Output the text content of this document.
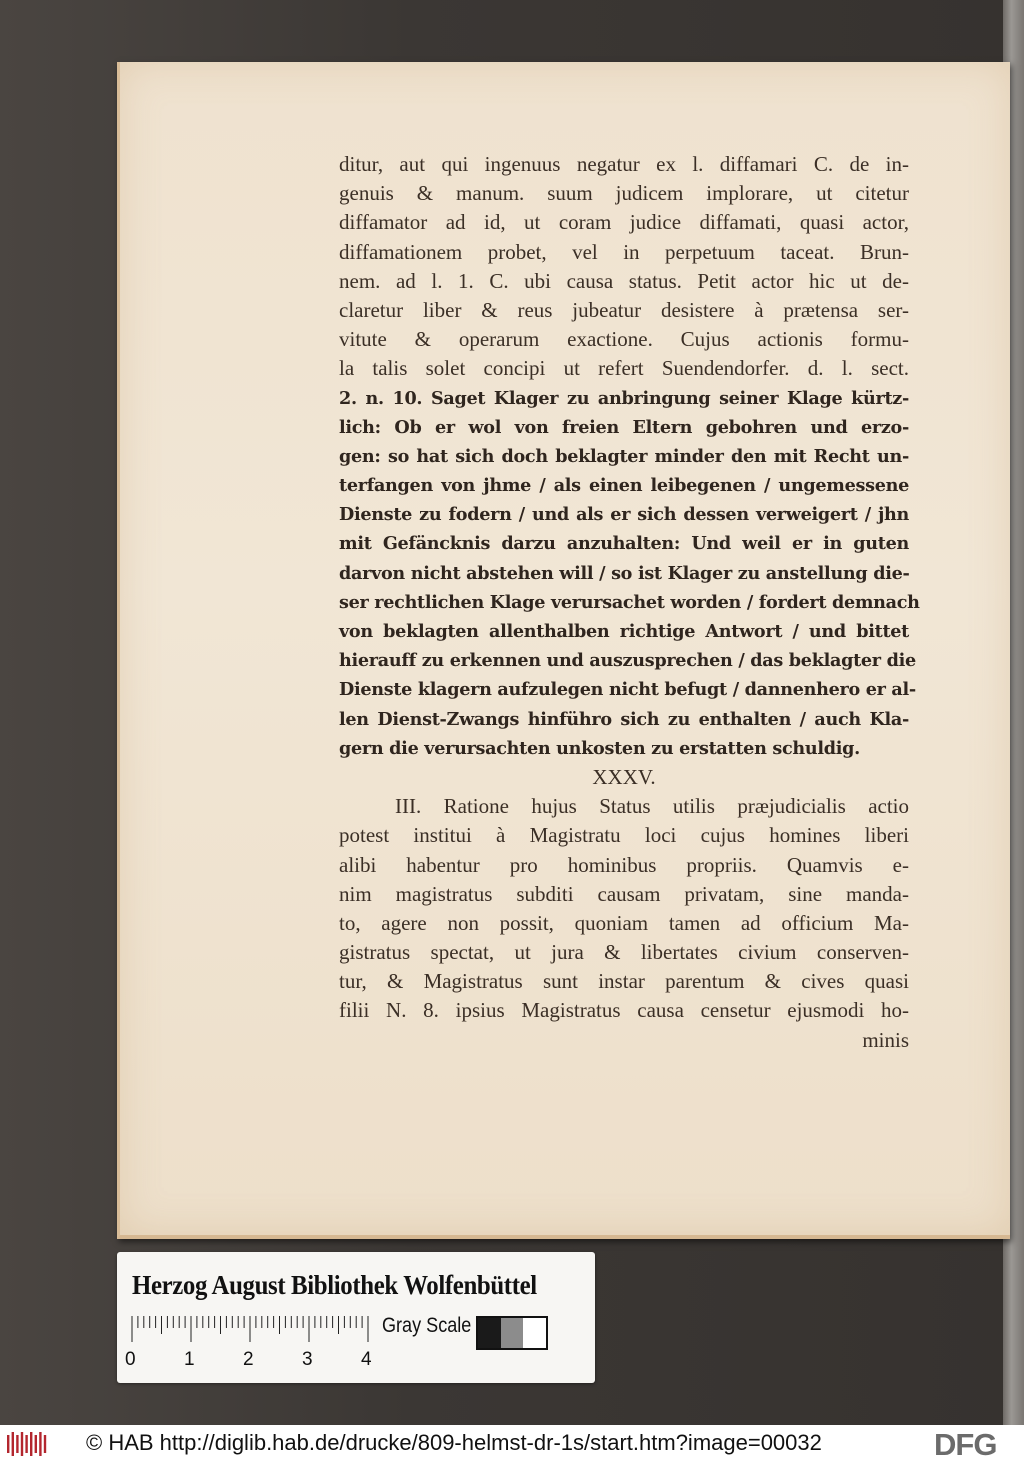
ditur, aut qui ingenuus negatur ex l. diffamari C. de in-
genuis & manum. suum judicem implorare, ut citetur
diffamator ad id, ut coram judice diffamati, quasi actor,
diffamationem probet, vel in perpetuum taceat. Brun-
nem. ad l. 1. C. ubi causa status. Petit actor hic ut de-
claretur liber & reus jubeatur desistere à prætensa ser-
vitute & operarum exactione. Cujus actionis formu-
la talis solet concipi ut refert Suendendorfer. d. l. sect.
2. n. 10. Saget Klager zu anbringung seiner Klage kürtz-
lich: Ob er wol von freien Eltern gebohren und erzo-
gen: so hat sich doch beklagter minder den mit Recht un-
terfangen von jhme / als einen leibegenen / ungemessene
Dienste zu fodern / und als er sich dessen verweigert / jhn
mit Gefäncknis darzu anzuhalten: Und weil er in guten
darvon nicht abstehen will / so ist Klager zu anstellung die-
ser rechtlichen Klage verursachet worden / fordert demnach
von beklagten allenthalben richtige Antwort / und bittet
hierauff zu erkennen und auszusprechen / das beklagter die
Dienste klagern aufzulegen nicht befugt / dannenhero er al-
len Dienst-Zwangs hinführo sich zu enthalten / auch Kla-
gern die verursachten unkosten zu erstatten schuldig.
XXXV.
III. Ratione hujus Status utilis præjudicialis actio
potest institui à Magistratu loci cujus homines liberi
alibi habentur pro hominibus propriis. Quamvis e-
nim magistratus subditi causam privatam, sine manda-
to, agere non possit, quoniam tamen ad officium Ma-
gistratus spectat, ut jura & libertates civium conserven-
tur, & Magistratus sunt instar parentum & cives quasi
filii N. 8. ipsius Magistratus causa censetur ejusmodi ho-
minis
Herzog August Bibliothek Wolfenbüttel
0	1	2	3	4
Gray Scale
© HAB http://diglib.hab.de/drucke/809-helmst-dr-1s/start.htm?image=00032	DFG
